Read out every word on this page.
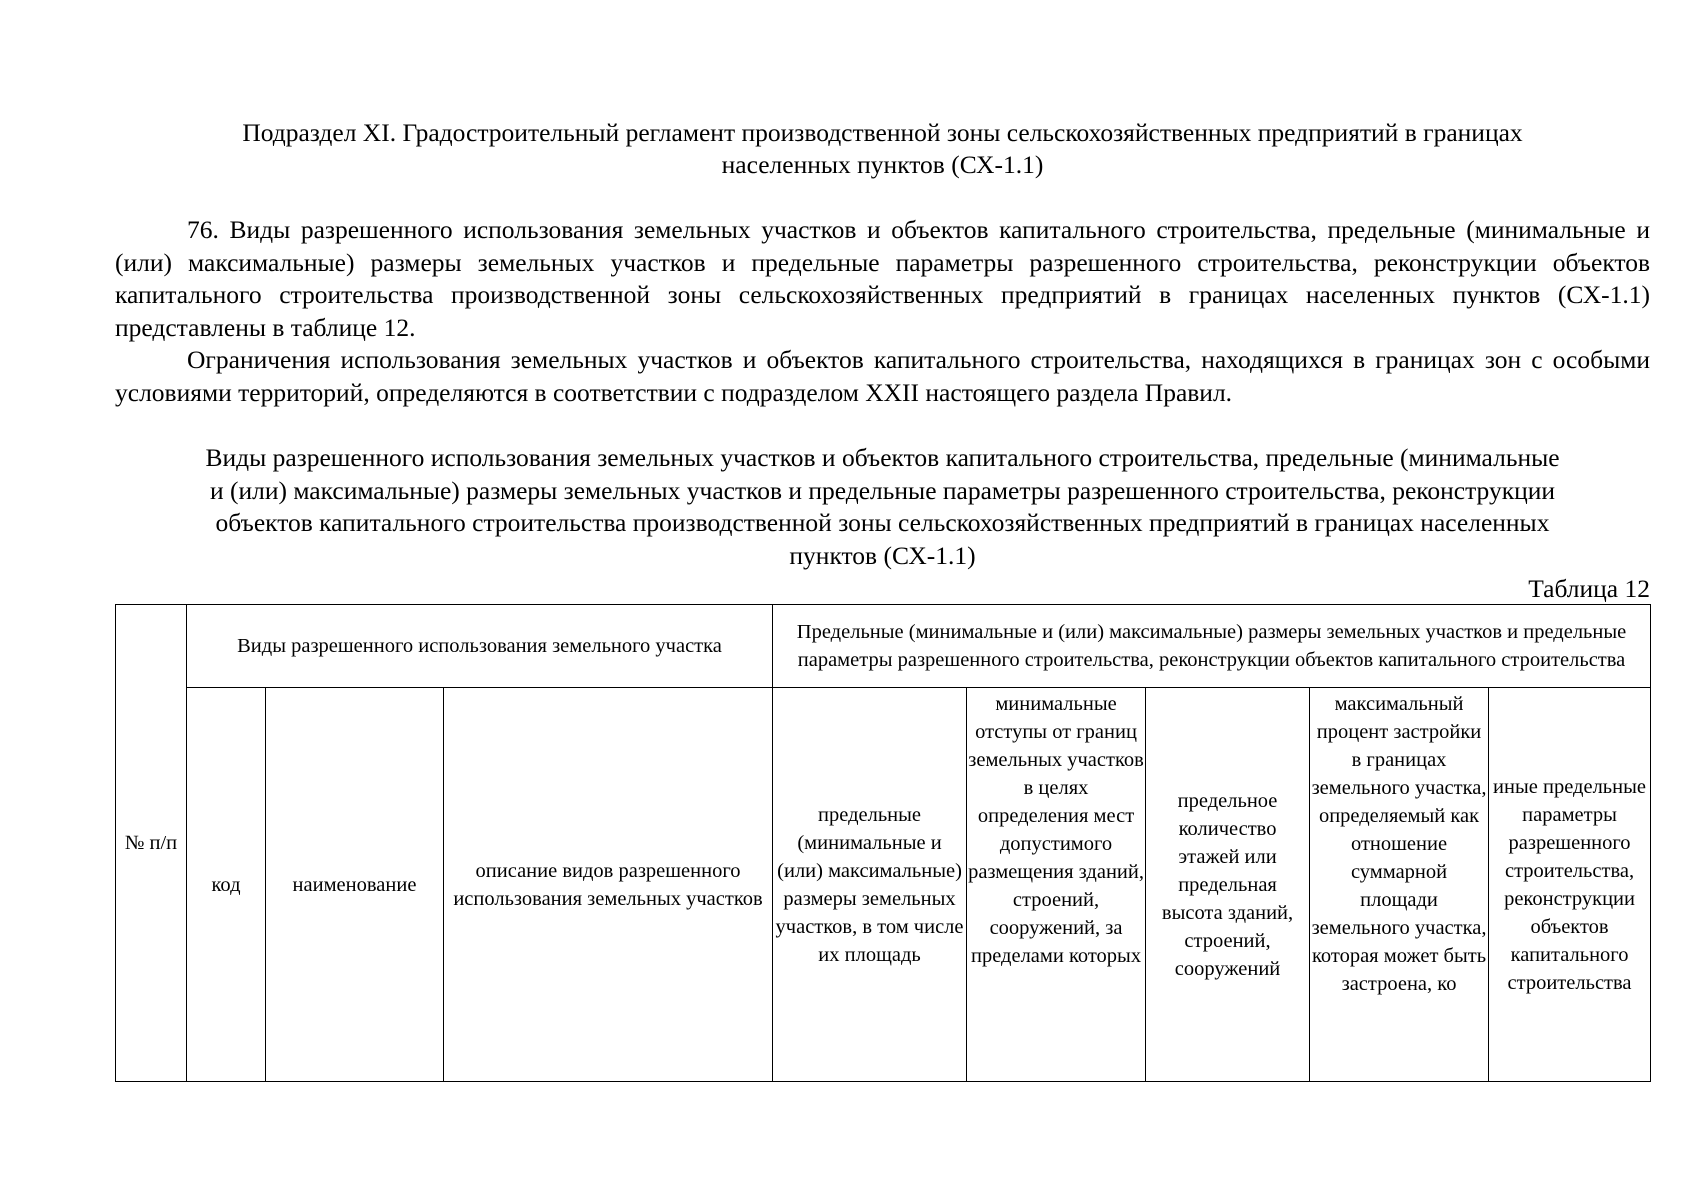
Подраздел XI. Градостроительный регламент производственной зоны сельскохозяйственных предприятий в границах
населенных пунктов (СХ-1.1)

76. Виды разрешенного использования земельных участков и объектов капитального строительства, предельные (минимальные и (или) максимальные) размеры земельных участков и предельные параметры разрешенного строительства, реконструкции объектов капитального строительства производственной зоны сельскохозяйственных предприятий в границах населенных пунктов (СХ-1.1) представлены в таблице 12.

Ограничения использования земельных участков и объектов капитального строительства, находящихся в границах зон с особыми условиями территорий, определяются в соответствии с подразделом XXII настоящего раздела Правил.

Виды разрешенного использования земельных участков и объектов капитального строительства, предельные (минимальные
и (или) максимальные) размеры земельных участков и предельные параметры разрешенного строительства, реконструкции
объектов капитального строительства производственной зоны сельскохозяйственных предприятий в границах населенных
пунктов (СХ-1.1)
Таблица 12
№ п/п	Виды разрешенного использования земельного участка			Предельные (минимальные и (или) максимальные) размеры земельных участков и предельные параметры разрешенного строительства, реконструкции объектов капитального строительства				

	код	наименование	описание видов разрешенного использования земельных участков	предельные (минимальные и (или) максимальные) размеры земельных участков, в том числе их площадь	минимальные отступы от границ земельных участков в целях определения мест допустимого размещения зданий, строений, сооружений, за пределами которых	предельное количество этажей или предельная высота зданий, строений, сооружений	максимальный процент застройки в границах земельного участка, определяемый как отношение суммарной площади земельного участка, которая может быть застроена, ко	иные предельные параметры разрешенного строительства, реконструкции объектов капитального строительства
